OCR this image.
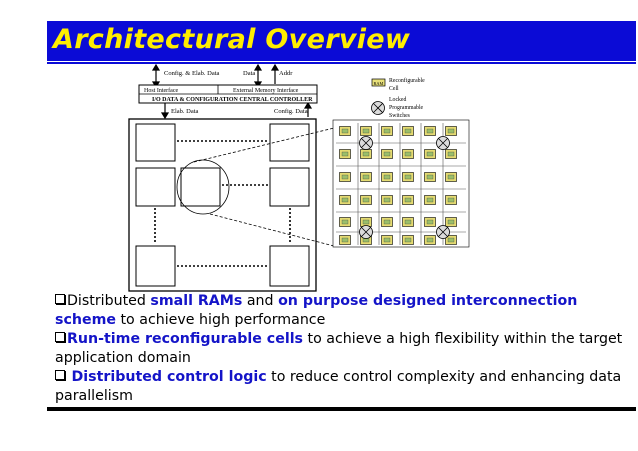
Architectural Overview
Config. & Elab. Data	Data	Addr
Host Interface	External Memory Interface
I/O DATA & CONFIGURATION CENTRAL CONTROLLER
Elab. Data	Config. Data
RAM Reconfigurable
Cell
Locked
Programmable
Switches

Distributed small RAMs and on purpose designed interconnection scheme to achieve high performance

Run-time reconfigurable cells to achieve a high flexibility within the target application domain

Distributed control logic to reduce control complexity and enhancing data parallelism
